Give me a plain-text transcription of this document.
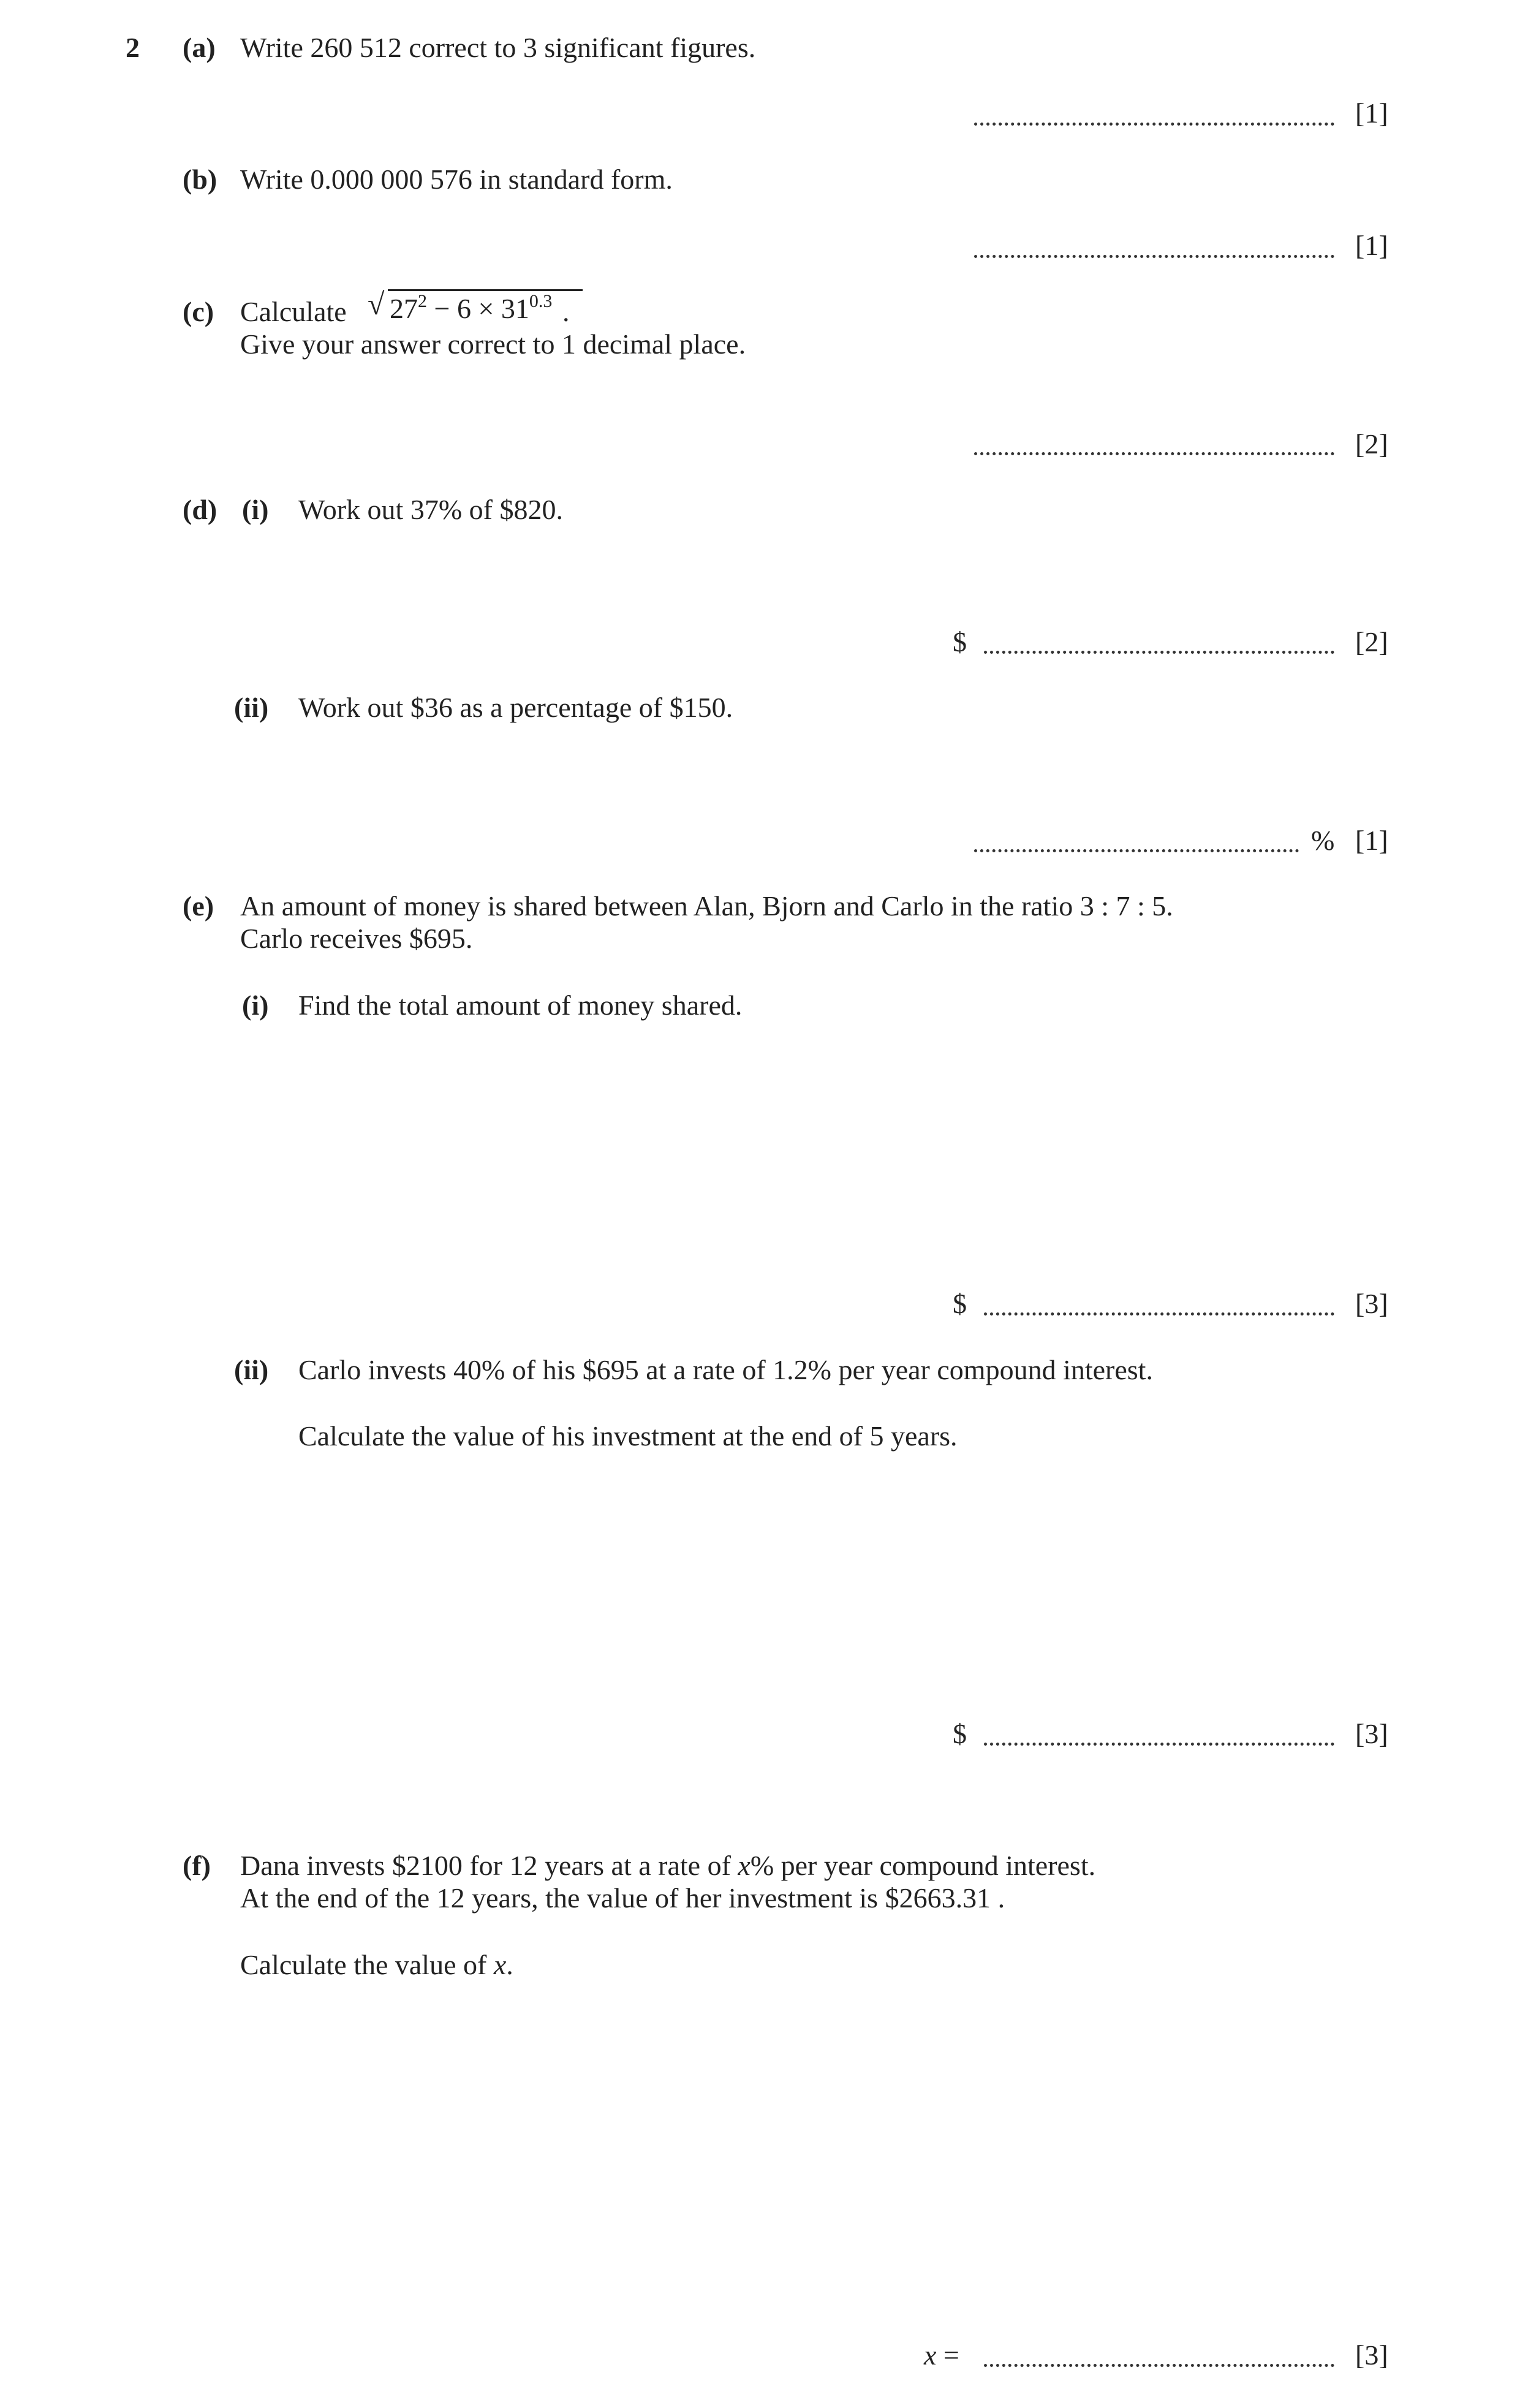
2 (a) Write 260 512 correct to 3 significant figures.
[1]
(b) Write 0.000 000 576 in standard form.
[1]
(c) Calculate √ $27^2 - 6 \times 31^{0.3}$ .
Give your answer correct to 1 decimal place.
[2]
(d) (i) Work out 37% of $820.
$	[2]
(ii) Work out $36 as a percentage of $150.
% [1]
(e) An amount of money is shared between Alan, Bjorn and Carlo in the ratio 3 : 7 : 5.
Carlo receives $695.
(i) Find the total amount of money shared.
$	[3]
(ii) Carlo invests 40% of his $695 at a rate of 1.2% per year compound interest.
Calculate the value of his investment at the end of 5 years.
$	[3]
(f) Dana invests $2100 for 12 years at a rate of x% per year compound interest.
At the end of the 12 years, the value of her investment is $2663.31 .
Calculate the value of x.
x =	[3]
